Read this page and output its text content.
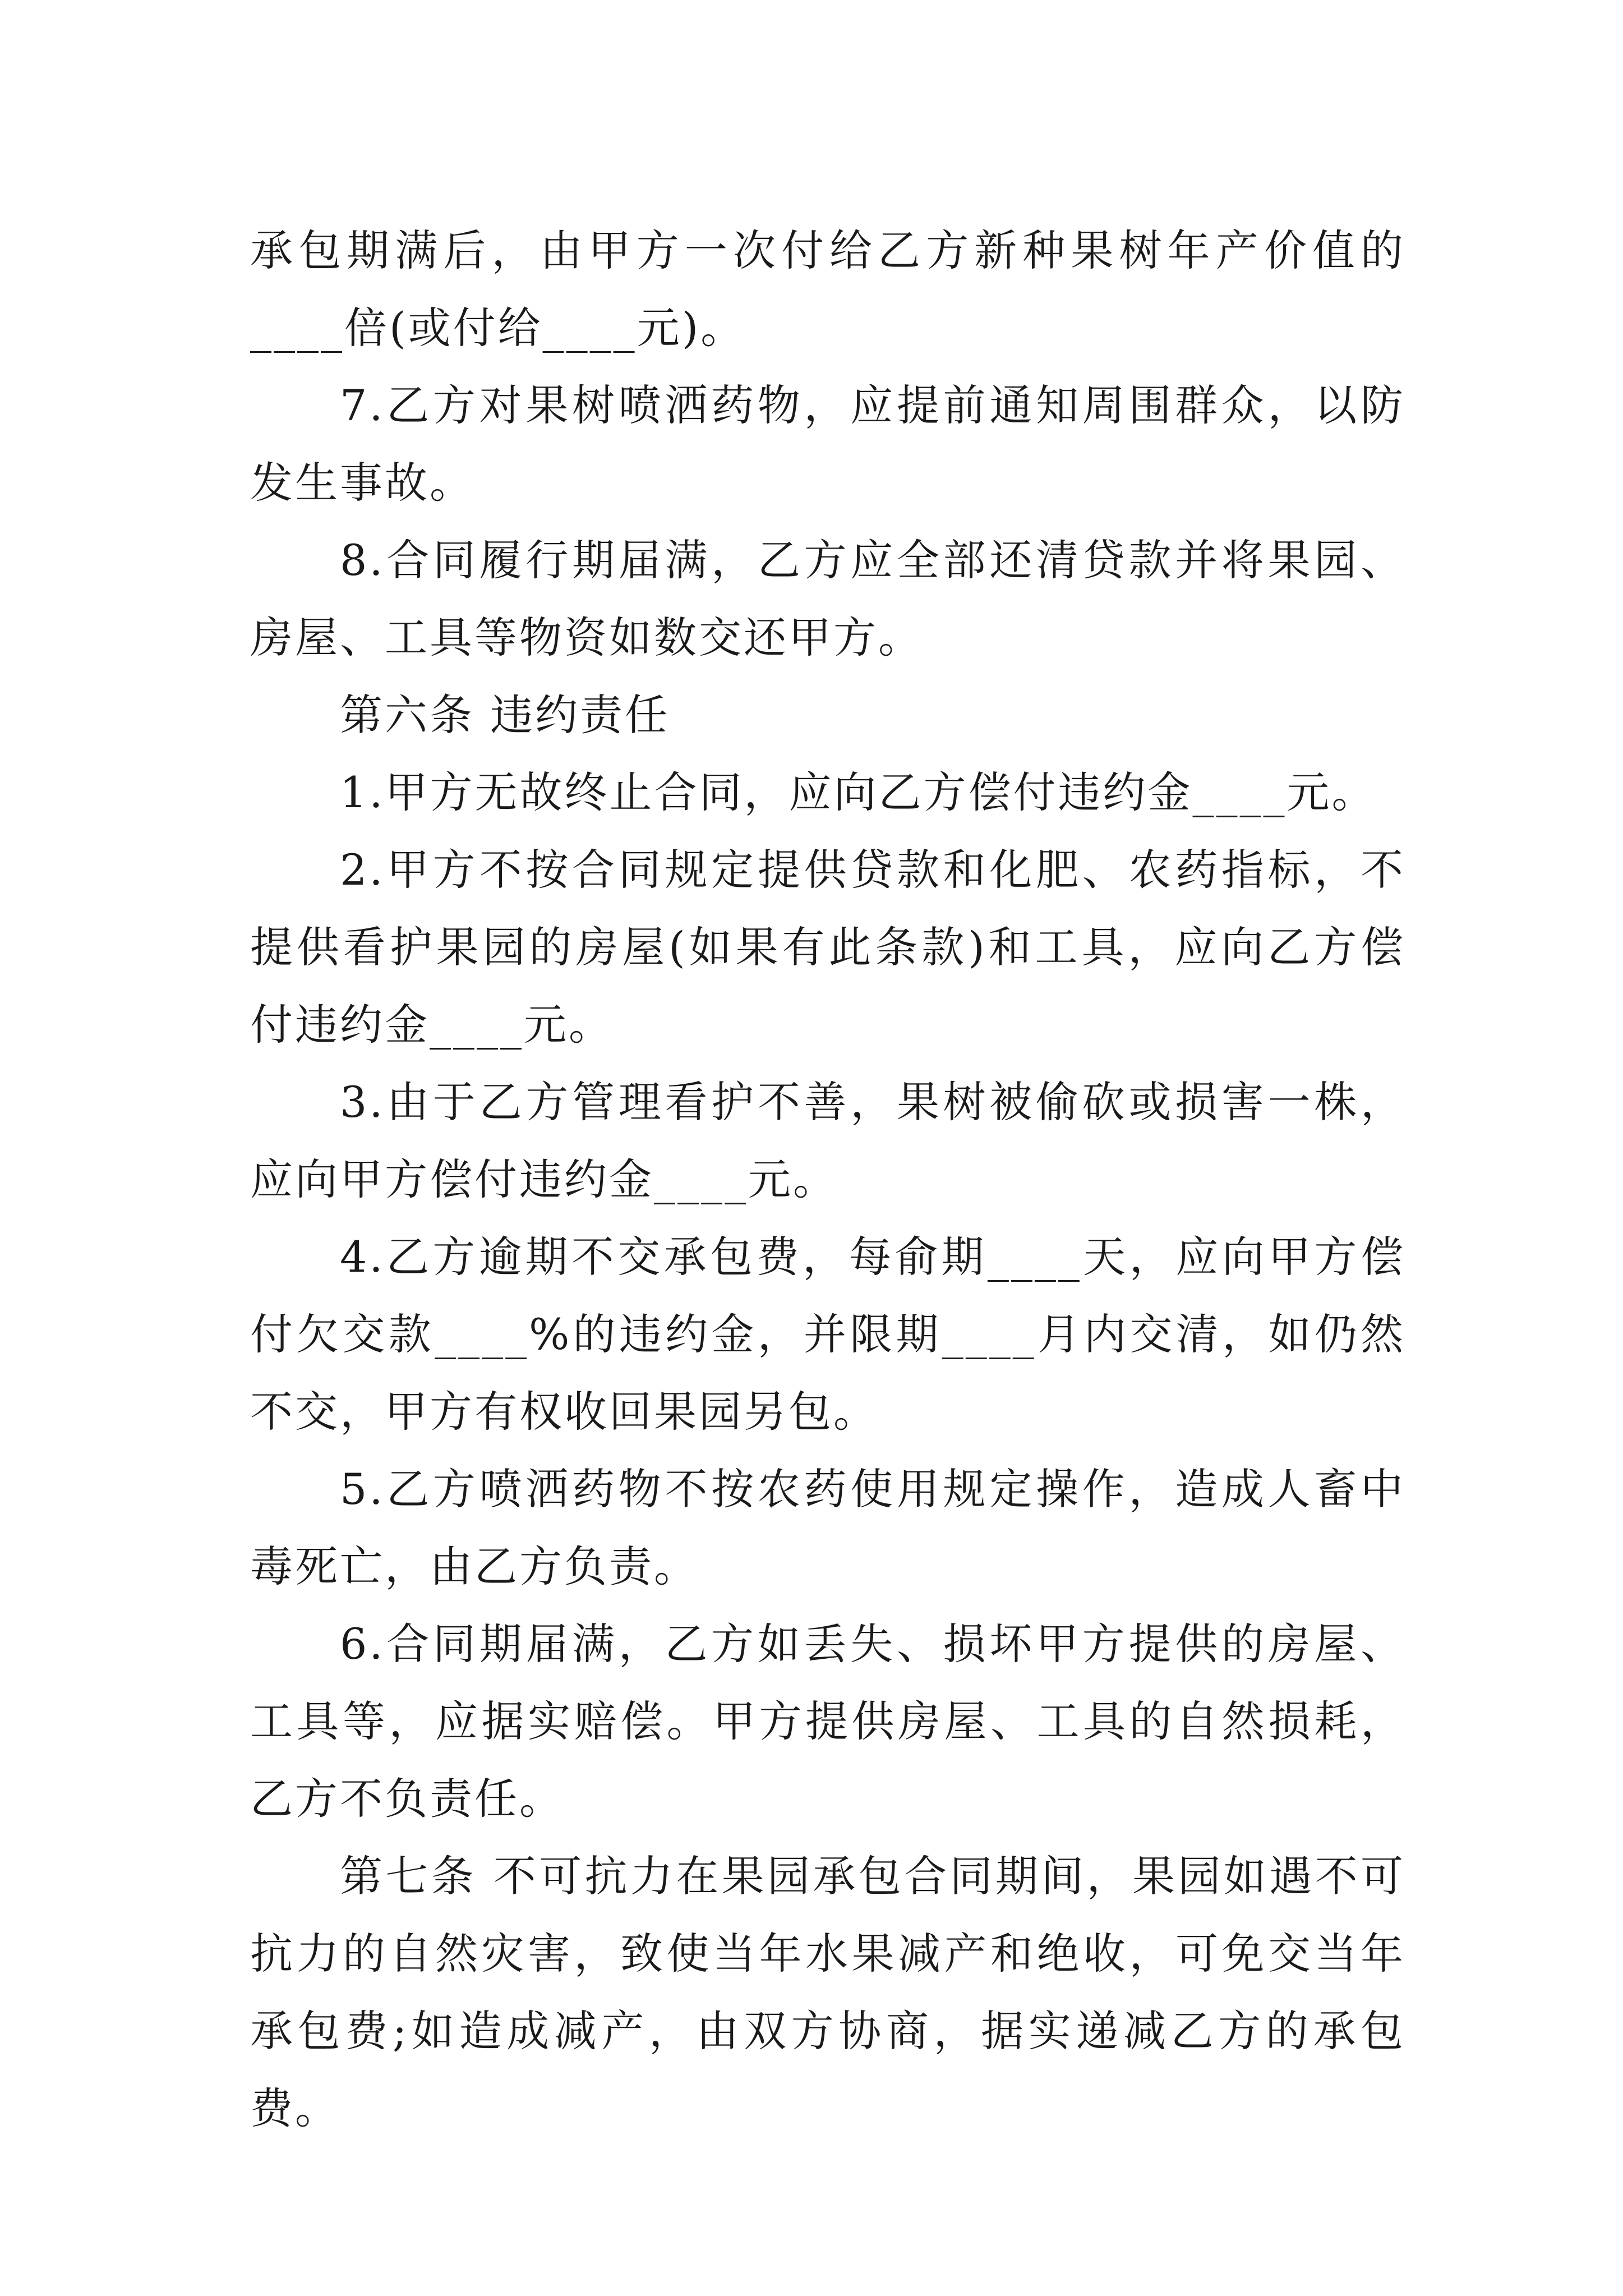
承包期满后，由甲方一次付给乙方新种果树年产价值的____倍(或付给____元)。

7.乙方对果树喷洒药物，应提前通知周围群众，以防发生事故。

8.合同履行期届满，乙方应全部还清贷款并将果园、房屋、工具等物资如数交还甲方。

第六条 违约责任

1.甲方无故终止合同，应向乙方偿付违约金____元。

2.甲方不按合同规定提供贷款和化肥、农药指标，不提供看护果园的房屋(如果有此条款)和工具，应向乙方偿付违约金____元。

3.由于乙方管理看护不善，果树被偷砍或损害一株，应向甲方偿付违约金____元。

4.乙方逾期不交承包费，每俞期____天，应向甲方偿付欠交款____%的违约金，并限期____月内交清，如仍然不交，甲方有权收回果园另包。

5.乙方喷洒药物不按农药使用规定操作，造成人畜中毒死亡，由乙方负责。

6.合同期届满，乙方如丢失、损坏甲方提供的房屋、工具等，应据实赔偿。甲方提供房屋、工具的自然损耗，乙方不负责任。

第七条 不可抗力在果园承包合同期间，果园如遇不可抗力的自然灾害，致使当年水果减产和绝收，可免交当年承包费;如造成减产，由双方协商，据实递减乙方的承包费。
